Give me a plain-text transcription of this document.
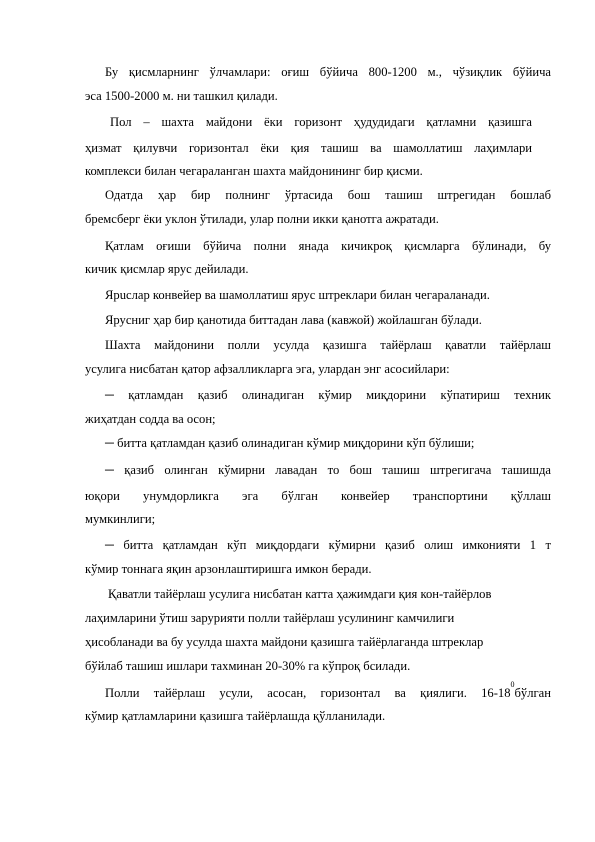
Бу қисмларнинг ўлчамлари: оғиш бўйича 800-1200 м., чўзиқлик бўйича
эса 1500-2000 м. ни ташкил қилади.
Пол – шахта майдони ёки горизонт ҳудудидаги қатламни қазишга
ҳизмат қилувчи горизонтал ёки қия ташиш ва шамоллатиш лаҳимлари
комплекси билан чегараланган шахта майдонининг бир қисми.
Одатда ҳар бир полнинг ўртасида бош ташиш штрегидан бошлаб
бремсберг ёки уклон ўтилади, улар полни икки қанотга ажратади.
Қатлам оғиши бўйича полни янада кичикроқ қисмларга бўлинади, бу
кичик қисмлар ярус дейилади.
Ярuслар конвейер ва шамоллатиш ярус штреклари билан чегараланади.
Ярусниг ҳар бир қанотида биттадан лава (кавжой) жойлашган бўлади.
Шахта майдонини полли усулда қазишга тайёрлаш қаватли тайёрлаш
усулига нисбатан қатор афзалликларга эга, улардан энг асосийлари:
─ қатламдан қазиб олинадиган кўмир миқдорини кўпатириш техник
жиҳатдан содда ва осон;
─ битта қатламдан қазиб олинадиган кўмир миқдорини кўп бўлиши;
─ қазиб олинган кўмирни лавадан то бош ташиш штрегигача ташишда
юқори унумдорликга эга бўлган конвейер транспортини қўллаш
мумкинлиги;
─ битта қатламдан кўп миқдордаги кўмирни қазиб олиш имконияти 1 т
кўмир тоннага яқин арзонлаштиришга имкон беради.
Қаватли тайёрлаш усулига нисбатан катта ҳажимдаги қия кон-тайёрлов
лаҳимларини ўтиш зарурияти полли тайёрлаш усулининг камчилиги
ҳисобланади ва бу усулда шахта майдони қазишга тайёрлаганда штреклар
бўйлаб ташиш ишлари тахминан 20-30% га кўпроқ бсилади.
Полли тайёрлаш усули, асосан, горизонтал ва қиялиги. 16-18
0
бўлган
кўмир қатламларини қазишга тайёрлашда қўлланилади.
